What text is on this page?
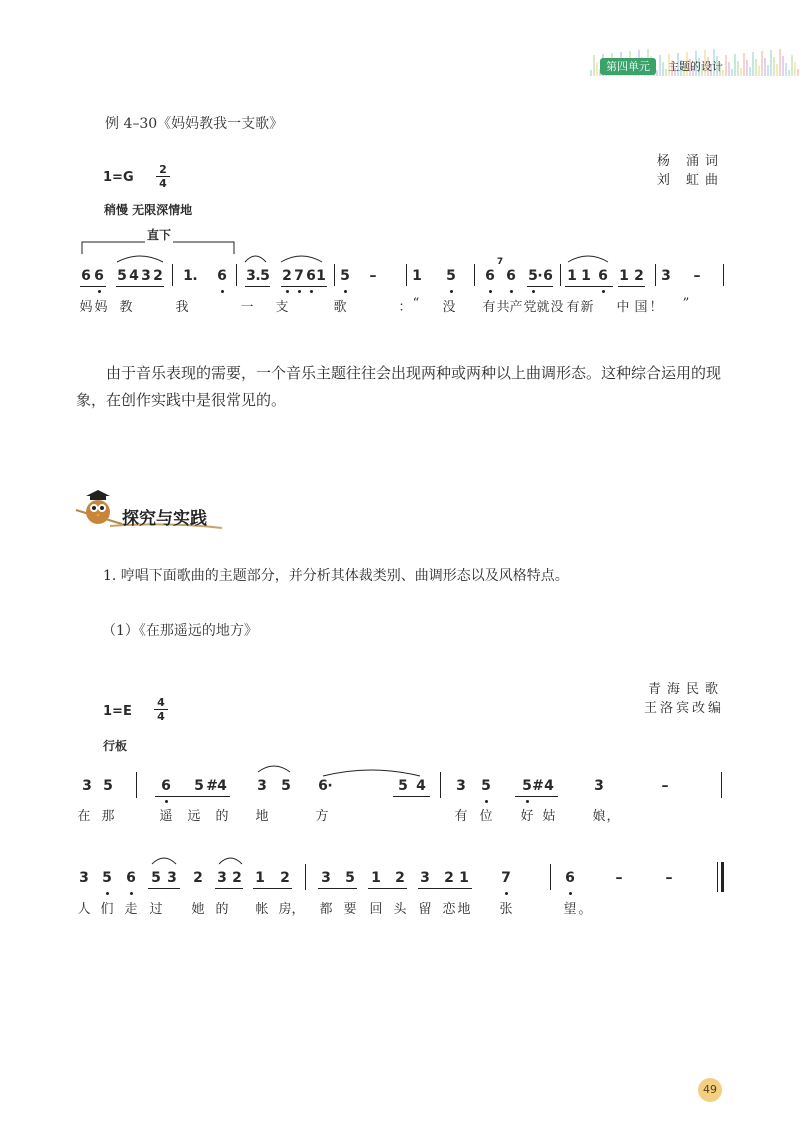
第四单元	主题的设计
例 4–30《妈妈教我一支歌》
杨 涌词
刘 虹曲
1=G
2
4
稍慢 无限深情地
直下
6 6 5 4 3 2 1 . 6 3 . 5 2 7 6 1 5 –	1 5 6 6 5 · 6 1 1 6 1 2 3 –
7
妈 妈 教	我	一 支	歌	： “ 没 有 共 产 党 就 没 有 新 中 国 ！ ”
由于音乐表现的需要，一个音乐主题往往会出现两种或两种以上曲调形态。这种综合运用的现象，在创作实践中是很常见的。
探究与实践
1. 哼唱下面歌曲的主题部分，并分析其体裁类别、曲调形态以及风格特点。
（1）《在那遥远的地方》
青海民歌
王洛宾改编
1=E
4
4
行板
3 5	6 5 # 4 3 5 6 ·	5 4 3 5 5 # 4	3	–
3 5 6 5 3 2 3 2 1 2 3 5 1 2 3 2 1 7	6	–	–
在 那	遥 远 的 地	方	有 位 好 姑	娘 ，
人 们 走 过 她 的 帐 房 ， 都 要 回 头 留 恋 地 张	望 。
49
